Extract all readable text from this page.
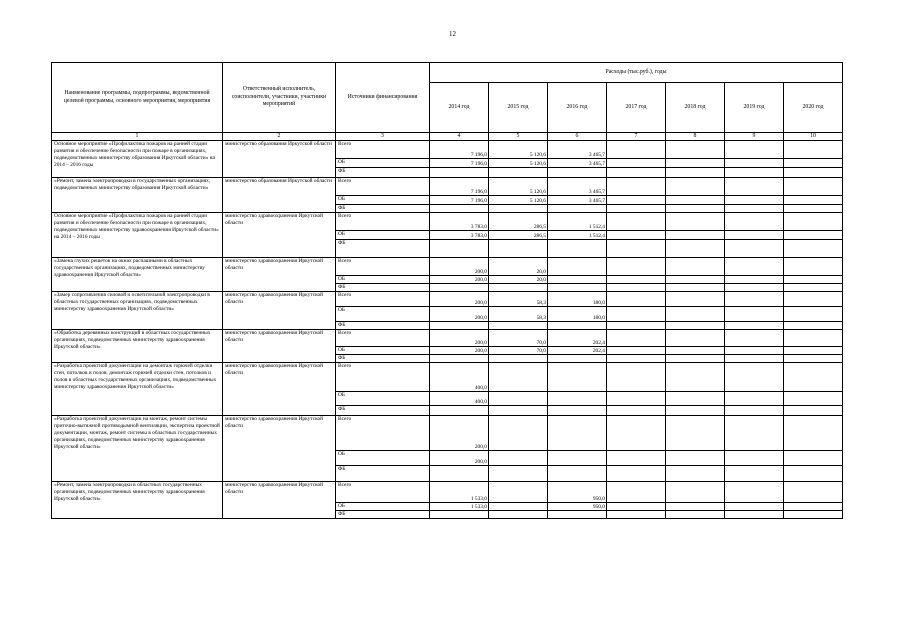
12
Наименование программы, подпрограммы, ведомственной целевой программы, основного мероприятия, мероприятия	Ответственный исполнитель, соисполнители, участники, участники мероприятий	Источники финансирования	Расходы (тыс.руб.), годы						
			2014 год	2015 год	2016 год	2017 год	2018 год	2019 год	2020 год
1	2	3	4	5	6	7	8	9	10
Основное мероприятие «Профилактика пожаров на ранней стадии развития и обеспечение безопасности при пожаре в организациях, подведомственных министерству образования Иркутской области» на 2014 – 2016 годы	министерство образования Иркутской области	Всего	7 196,0	5 120,6	3 465,7				
		ОБ	7 196,0	5 120,6	3 465,7				
		ФБ							
«Ремонт, замена электропроводки в государственных организациях, подведомственных министерству образования Иркутской области»	министерство образования Иркутской области	Всего	7 196,0	5 120,6	3 465,7				
		ОБ	7 196,0	5 120,6	3 465,7				
		ФБ							
Основное мероприятие «Профилактика пожаров на ранней стадии развития и обеспечение безопасности при пожаре в организациях, подведомственных министерству здравоохранения Иркутской области» на 2014 – 2016 годы	министерство здравоохранения Иркутской области	Всего	3 783,0	286,5	1 512,4				
		ОБ	3 783,0	286,5	1 512,4				
		ФБ							
«Замена глухих решеток на окнах распашными в областных государственных организациях, подведомственных министерству здравоохранения Иркутской области»	министерство здравоохранения Иркутской области	Всего	200,0	20,0					
		ОБ	200,0	20,0					
		ФБ							
«Замер сопротивления силовой и осветительной электропроводки в областных государственных организациях, подведомственных министерству здравоохранения Иркутской области»	министерство здравоохранения Иркутской области	Всего	200,0	58,3	180,0				
		ОБ	200,0	58,3	180,0				
		ФБ							
«Обработка деревянных конструкций в областных государственных организациях, подведомственных министерству здравоохранения Иркутской области»	министерство здравоохранения Иркутской области	Всего	200,0	70,0	202,4				
		ОБ	200,0	70,0	202,4				
		ФБ							
«Разработка проектной документации на демонтаж горючей отделки стен, потолков и полов, демонтаж горючей отделки стен, потолков и полов в областных государственных организациях, подведомственных министерству здравоохранения Иркутской области»	министерство здравоохранения Иркутской области	Всего	400,0						
		ОБ	400,0						
		ФБ							
«Разработка проектной документации на монтаж, ремонт системы приточно-вытяжной противодымной вентиляции, экспертиза проектной документации, монтаж, ремонт системы в областных государственных организациях, подведомственных министерству здравоохранения Иркутской области»	министерство здравоохранения Иркутской области	Всего	200,0						
		ОБ	200,0						
		ФБ							
«Ремонт, замена электропроводки в областных государственных организациях, подведомственных министерству здравоохранения Иркутской области»	министерство здравоохранения Иркутской области	Всего	1 533,0		950,0				
		ОБ	1 533,0		950,0				
		ФБ							
